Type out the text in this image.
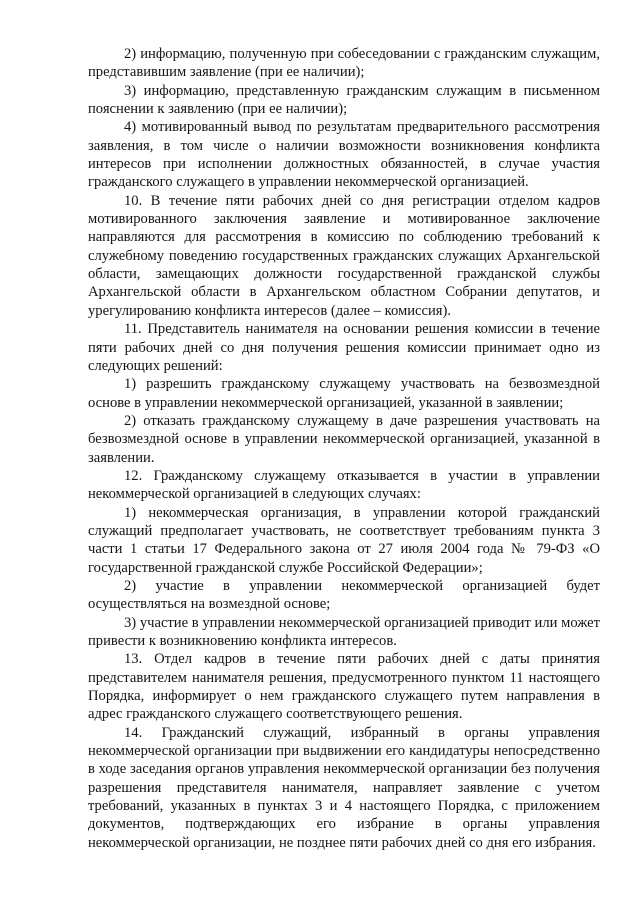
2) информацию, полученную при собеседовании с гражданским служащим, представившим заявление (при ее наличии);

3) информацию, представленную гражданским служащим в письменном пояснении к заявлению (при ее наличии);

4) мотивированный вывод по результатам предварительного рассмотрения заявления, в том числе о наличии возможности возникновения конфликта интересов при исполнении должностных обязанностей, в случае участия гражданского служащего в управлении некоммерческой организацией.

10. В течение пяти рабочих дней со дня регистрации отделом кадров мотивированного заключения заявление и мотивированное заключение направляются для рассмотрения в комиссию по соблюдению требований к служебному поведению государственных гражданских служащих Архангельской области, замещающих должности государственной гражданской службы Архангельской области в Архангельском областном Собрании депутатов, и урегулированию конфликта интересов (далее – комиссия).

11. Представитель нанимателя на основании решения комиссии в течение пяти рабочих дней со дня получения решения комиссии принимает одно из следующих решений:

1) разрешить гражданскому служащему участвовать на безвозмездной основе в управлении некоммерческой организацией, указанной в заявлении;

2) отказать гражданскому служащему в даче разрешения участвовать на безвозмездной основе в управлении некоммерческой организацией, указанной в заявлении.

12. Гражданскому служащему отказывается в участии в управлении некоммерческой организацией в следующих случаях:

1) некоммерческая организация, в управлении которой гражданский служащий предполагает участвовать, не соответствует требованиям пункта 3 части 1 статьи 17 Федерального закона от 27 июля 2004 года № 79-ФЗ «О государственной гражданской службе Российской Федерации»;

2) участие в управлении некоммерческой организацией будет осуществляться на возмездной основе;

3) участие в управлении некоммерческой организацией приводит или может привести к возникновению конфликта интересов.

13. Отдел кадров в течение пяти рабочих дней с даты принятия представителем нанимателя решения, предусмотренного пунктом 11 настоящего Порядка, информирует о нем гражданского служащего путем направления в адрес гражданского служащего соответствующего решения.

14. Гражданский служащий, избранный в органы управления некоммерческой организации при выдвижении его кандидатуры непосредственно в ходе заседания органов управления некоммерческой организации без получения разрешения представителя нанимателя, направляет заявление с учетом требований, указанных в пунктах 3 и 4 настоящего Порядка, с приложением документов, подтверждающих его избрание в органы управления некоммерческой организации, не позднее пяти рабочих дней со дня его избрания.
